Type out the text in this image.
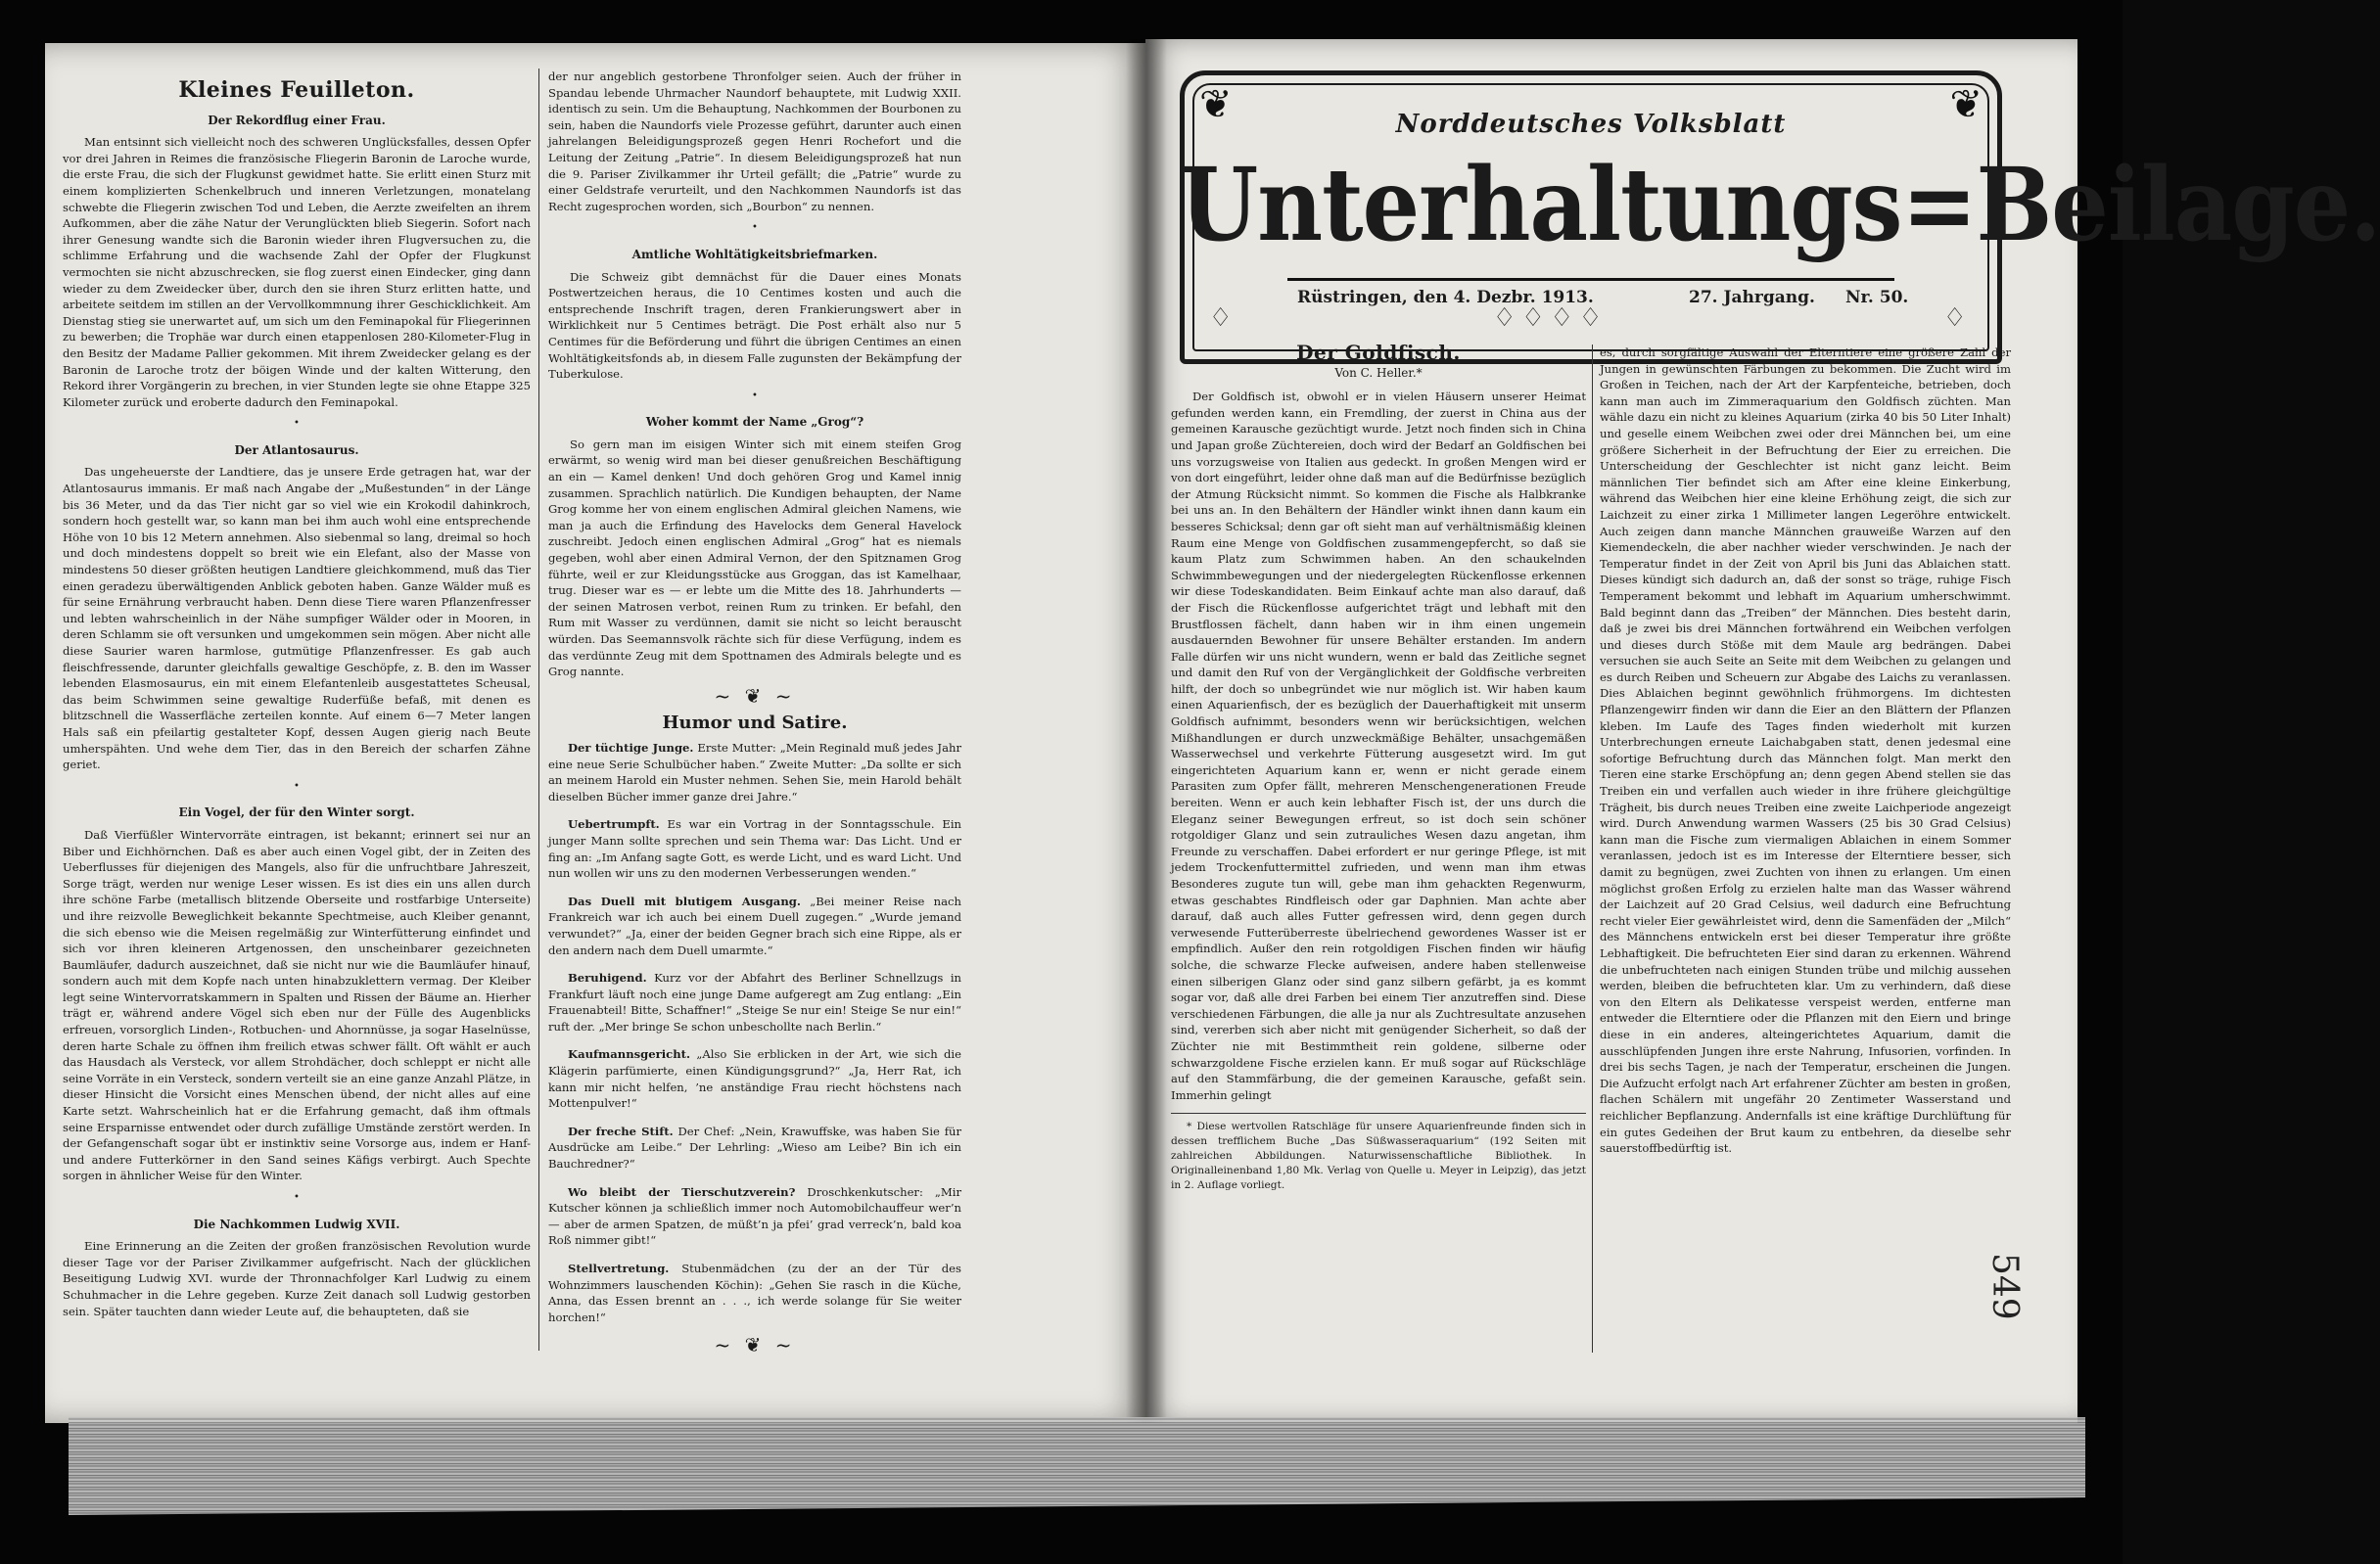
Kleines Feuilleton.
Der Rekordflug einer Frau.

Man entsinnt sich vielleicht noch des schweren Unglücksfalles, dessen Opfer vor drei Jahren in Reimes die französische Fliegerin Baronin de Laroche wurde, die erste Frau, die sich der Flugkunst gewidmet hatte. Sie erlitt einen Sturz mit einem komplizierten Schenkelbruch und inneren Verletzungen, monatelang schwebte die Fliegerin zwischen Tod und Leben, die Aerzte zweifelten an ihrem Aufkommen, aber die zähe Natur der Verunglückten blieb Siegerin. Sofort nach ihrer Genesung wandte sich die Baronin wieder ihren Flugversuchen zu, die schlimme Erfahrung und die wachsende Zahl der Opfer der Flugkunst vermochten sie nicht abzuschrecken, sie flog zuerst einen Eindecker, ging dann wieder zu dem Zweidecker über, durch den sie ihren Sturz erlitten hatte, und arbeitete seitdem im stillen an der Vervollkommnung ihrer Geschicklichkeit. Am Dienstag stieg sie unerwartet auf, um sich um den Feminapokal für Fliegerinnen zu bewerben; die Trophäe war durch einen etappenlosen 280-Kilometer-Flug in den Besitz der Madame Pallier gekommen. Mit ihrem Zweidecker gelang es der Baronin de Laroche trotz der böigen Winde und der kalten Witterung, den Rekord ihrer Vorgängerin zu brechen, in vier Stunden legte sie ohne Etappe 325 Kilometer zurück und eroberte dadurch den Feminapokal.

•
Der Atlantosaurus.

Das ungeheuerste der Landtiere, das je unsere Erde getragen hat, war der Atlantosaurus immanis. Er maß nach Angabe der „Mußestunden“ in der Länge bis 36 Meter, und da das Tier nicht gar so viel wie ein Krokodil dahinkroch, sondern hoch gestellt war, so kann man bei ihm auch wohl eine entsprechende Höhe von 10 bis 12 Metern annehmen. Also siebenmal so lang, dreimal so hoch und doch mindestens doppelt so breit wie ein Elefant, also der Masse von mindestens 50 dieser größten heutigen Landtiere gleichkommend, muß das Tier einen geradezu überwältigenden Anblick geboten haben. Ganze Wälder muß es für seine Ernährung verbraucht haben. Denn diese Tiere waren Pflanzenfresser und lebten wahrscheinlich in der Nähe sumpfiger Wälder oder in Mooren, in deren Schlamm sie oft versunken und umgekommen sein mögen. Aber nicht alle diese Saurier waren harmlose, gutmütige Pflanzenfresser. Es gab auch fleischfressende, darunter gleichfalls gewaltige Geschöpfe, z. B. den im Wasser lebenden Elasmosaurus, ein mit einem Elefantenleib ausgestattetes Scheusal, das beim Schwimmen seine gewaltige Ruderfüße befaß, mit denen es blitzschnell die Wasserfläche zerteilen konnte. Auf einem 6—7 Meter langen Hals saß ein pfeilartig gestalteter Kopf, dessen Augen gierig nach Beute umherspähten. Und wehe dem Tier, das in den Bereich der scharfen Zähne geriet.

•
Ein Vogel, der für den Winter sorgt.

Daß Vierfüßler Wintervorräte eintragen, ist bekannt; erinnert sei nur an Biber und Eichhörnchen. Daß es aber auch einen Vogel gibt, der in Zeiten des Ueberflusses für diejenigen des Mangels, also für die unfruchtbare Jahreszeit, Sorge trägt, werden nur wenige Leser wissen. Es ist dies ein uns allen durch ihre schöne Farbe (metallisch blitzende Oberseite und rostfarbige Unterseite) und ihre reizvolle Beweglichkeit bekannte Spechtmeise, auch Kleiber genannt, die sich ebenso wie die Meisen regelmäßig zur Winterfütterung einfindet und sich vor ihren kleineren Artgenossen, den unscheinbarer gezeichneten Baumläufer, dadurch auszeichnet, daß sie nicht nur wie die Baumläufer hinauf, sondern auch mit dem Kopfe nach unten hinabzuklettern vermag. Der Kleiber legt seine Wintervorratskammern in Spalten und Rissen der Bäume an. Hierher trägt er, während andere Vögel sich eben nur der Fülle des Augenblicks erfreuen, vorsorglich Linden-, Rotbuchen- und Ahornnüsse, ja sogar Haselnüsse, deren harte Schale zu öffnen ihm freilich etwas schwer fällt. Oft wählt er auch das Hausdach als Versteck, vor allem Strohdächer, doch schleppt er nicht alle seine Vorräte in ein Versteck, sondern verteilt sie an eine ganze Anzahl Plätze, in dieser Hinsicht die Vorsicht eines Menschen übend, der nicht alles auf eine Karte setzt. Wahrscheinlich hat er die Erfahrung gemacht, daß ihm oftmals seine Ersparnisse entwendet oder durch zufällige Umstände zerstört werden. In der Gefangenschaft sogar übt er instinktiv seine Vorsorge aus, indem er Hanf- und andere Futterkörner in den Sand seines Käfigs verbirgt. Auch Spechte sorgen in ähnlicher Weise für den Winter.

•
Die Nachkommen Ludwig XVII.

Eine Erinnerung an die Zeiten der großen französischen Revolution wurde dieser Tage vor der Pariser Zivilkammer aufgefrischt. Nach der glücklichen Beseitigung Ludwig XVI. wurde der Thronnachfolger Karl Ludwig zu einem Schuhmacher in die Lehre gegeben. Kurze Zeit danach soll Ludwig gestorben sein. Später tauchten dann wieder Leute auf, die behaupteten, daß sie

der nur angeblich gestorbene Thronfolger seien. Auch der früher in Spandau lebende Uhrmacher Naundorf behauptete, mit Ludwig XXII. identisch zu sein. Um die Behauptung, Nachkommen der Bourbonen zu sein, haben die Naundorfs viele Prozesse geführt, darunter auch einen jahrelangen Beleidigungsprozeß gegen Henri Rochefort und die Leitung der Zeitung „Patrie“. In diesem Beleidigungsprozeß hat nun die 9. Pariser Zivilkammer ihr Urteil gefällt; die „Patrie“ wurde zu einer Geldstrafe verurteilt, und den Nachkommen Naundorfs ist das Recht zugesprochen worden, sich „Bourbon“ zu nennen.

•
Amtliche Wohltätigkeitsbriefmarken.

Die Schweiz gibt demnächst für die Dauer eines Monats Postwertzeichen heraus, die 10 Centimes kosten und auch die entsprechende Inschrift tragen, deren Frankierungswert aber in Wirklichkeit nur 5 Centimes beträgt. Die Post erhält also nur 5 Centimes für die Beförderung und führt die übrigen Centimes an einen Wohltätigkeitsfonds ab, in diesem Falle zugunsten der Bekämpfung der Tuberkulose.

•
Woher kommt der Name „Grog“?

So gern man im eisigen Winter sich mit einem steifen Grog erwärmt, so wenig wird man bei dieser genußreichen Beschäftigung an ein — Kamel denken! Und doch gehören Grog und Kamel innig zusammen. Sprachlich natürlich. Die Kundigen behaupten, der Name Grog komme her von einem englischen Admiral gleichen Namens, wie man ja auch die Erfindung des Havelocks dem General Havelock zuschreibt. Jedoch einen englischen Admiral „Grog“ hat es niemals gegeben, wohl aber einen Admiral Vernon, der den Spitznamen Grog führte, weil er zur Kleidungsstücke aus Groggan, das ist Kamelhaar, trug. Dieser war es — er lebte um die Mitte des 18. Jahrhunderts — der seinen Matrosen verbot, reinen Rum zu trinken. Er befahl, den Rum mit Wasser zu verdünnen, damit sie nicht so leicht berauscht würden. Das Seemannsvolk rächte sich für diese Verfügung, indem es das verdünnte Zeug mit dem Spottnamen des Admirals belegte und es Grog nannte.

~ ❦ ~
Humor und Satire.

Der tüchtige Junge. Erste Mutter: „Mein Reginald muß jedes Jahr eine neue Serie Schulbücher haben.“ Zweite Mutter: „Da sollte er sich an meinem Harold ein Muster nehmen. Sehen Sie, mein Harold behält dieselben Bücher immer ganze drei Jahre.“

Uebertrumpft. Es war ein Vortrag in der Sonntagsschule. Ein junger Mann sollte sprechen und sein Thema war: Das Licht. Und er fing an: „Im Anfang sagte Gott, es werde Licht, und es ward Licht. Und nun wollen wir uns zu den modernen Verbesserungen wenden.“

Das Duell mit blutigem Ausgang. „Bei meiner Reise nach Frankreich war ich auch bei einem Duell zugegen.“ „Wurde jemand verwundet?“ „Ja, einer der beiden Gegner brach sich eine Rippe, als er den andern nach dem Duell umarmte.“

Beruhigend. Kurz vor der Abfahrt des Berliner Schnellzugs in Frankfurt läuft noch eine junge Dame aufgeregt am Zug entlang: „Ein Frauenabteil! Bitte, Schaffner!“ „Steige Se nur ein! Steige Se nur ein!“ ruft der. „Mer bringe Se schon unbeschollte nach Berlin.“

Kaufmannsgericht. „Also Sie erblicken in der Art, wie sich die Klägerin parfümierte, einen Kündigungsgrund?“ „Ja, Herr Rat, ich kann mir nicht helfen, ’ne anständige Frau riecht höchstens nach Mottenpulver!“

Der freche Stift. Der Chef: „Nein, Krawuffske, was haben Sie für Ausdrücke am Leibe.“ Der Lehrling: „Wieso am Leibe? Bin ich ein Bauchredner?“

Wo bleibt der Tierschutzverein? Droschkenkutscher: „Mir Kutscher können ja schließlich immer noch Automobilchauffeur wer’n — aber de armen Spatzen, de müßt’n ja pfei’ grad verreck’n, bald koa Roß nimmer gibt!“

Stellvertretung. Stubenmädchen (zu der an der Tür des Wohnzimmers lauschenden Köchin): „Gehen Sie rasch in die Küche, Anna, das Essen brennt an . . ., ich werde solange für Sie weiter horchen!“

~ ❦ ~
❦	❦
Norddeutsches Volksblatt
Unterhaltungs=Beilage.
Rüstringen, den 4. Dezbr. 1913.	27. Jahrgang. Nr. 50.
♢	♢♢♢♢	♢
Der Goldfisch.
Von C. Heller.*

Der Goldfisch ist, obwohl er in vielen Häusern unserer Heimat gefunden werden kann, ein Fremdling, der zuerst in China aus der gemeinen Karausche gezüchtigt wurde. Jetzt noch finden sich in China und Japan große Züchtereien, doch wird der Bedarf an Goldfischen bei uns vorzugsweise von Italien aus gedeckt. In großen Mengen wird er von dort eingeführt, leider ohne daß man auf die Bedürfnisse bezüglich der Atmung Rücksicht nimmt. So kommen die Fische als Halbkranke bei uns an. In den Behältern der Händler winkt ihnen dann kaum ein besseres Schicksal; denn gar oft sieht man auf verhältnismäßig kleinen Raum eine Menge von Goldfischen zusammengepfercht, so daß sie kaum Platz zum Schwimmen haben. An den schaukelnden Schwimmbewegungen und der niedergelegten Rückenflosse erkennen wir diese Todeskandidaten. Beim Einkauf achte man also darauf, daß der Fisch die Rückenflosse aufgerichtet trägt und lebhaft mit den Brustflossen fächelt, dann haben wir in ihm einen ungemein ausdauernden Bewohner für unsere Behälter erstanden. Im andern Falle dürfen wir uns nicht wundern, wenn er bald das Zeitliche segnet und damit den Ruf von der Vergänglichkeit der Goldfische verbreiten hilft, der doch so unbegründet wie nur möglich ist. Wir haben kaum einen Aquarienfisch, der es bezüglich der Dauerhaftigkeit mit unserm Goldfisch aufnimmt, besonders wenn wir berücksichtigen, welchen Mißhandlungen er durch unzweckmäßige Behälter, unsachgemäßen Wasserwechsel und verkehrte Fütterung ausgesetzt wird. Im gut eingerichteten Aquarium kann er, wenn er nicht gerade einem Parasiten zum Opfer fällt, mehreren Menschengenerationen Freude bereiten. Wenn er auch kein lebhafter Fisch ist, der uns durch die Eleganz seiner Bewegungen erfreut, so ist doch sein schöner rotgoldiger Glanz und sein zutrauliches Wesen dazu angetan, ihm Freunde zu verschaffen. Dabei erfordert er nur geringe Pflege, ist mit jedem Trockenfuttermittel zufrieden, und wenn man ihm etwas Besonderes zugute tun will, gebe man ihm gehackten Regenwurm, etwas geschabtes Rindfleisch oder gar Daphnien. Man achte aber darauf, daß auch alles Futter gefressen wird, denn gegen durch verwesende Futterüberreste übelriechend gewordenes Wasser ist er empfindlich. Außer den rein rotgoldigen Fischen finden wir häufig solche, die schwarze Flecke aufweisen, andere haben stellenweise einen silberigen Glanz oder sind ganz silbern gefärbt, ja es kommt sogar vor, daß alle drei Farben bei einem Tier anzutreffen sind. Diese verschiedenen Färbungen, die alle ja nur als Zuchtresultate anzusehen sind, vererben sich aber nicht mit genügender Sicherheit, so daß der Züchter nie mit Bestimmtheit rein goldene, silberne oder schwarzgoldene Fische erzielen kann. Er muß sogar auf Rückschläge auf den Stammfärbung, die der gemeinen Karausche, gefaßt sein. Immerhin gelingt

* Diese wertvollen Ratschläge für unsere Aquarienfreunde finden sich in dessen trefflichem Buche „Das Süßwasseraquarium“ (192 Seiten mit zahlreichen Abbildungen. Naturwissenschaftliche Bibliothek. In Originalleinenband 1,80 Mk. Verlag von Quelle u. Meyer in Leipzig), das jetzt in 2. Auflage vorliegt.

es, durch sorgfältige Auswahl der Elterntiere eine größere Zahl der Jungen in gewünschten Färbungen zu bekommen. Die Zucht wird im Großen in Teichen, nach der Art der Karpfenteiche, betrieben, doch kann man auch im Zimmeraquarium den Goldfisch züchten. Man wähle dazu ein nicht zu kleines Aquarium (zirka 40 bis 50 Liter Inhalt) und geselle einem Weibchen zwei oder drei Männchen bei, um eine größere Sicherheit in der Befruchtung der Eier zu erreichen. Die Unterscheidung der Geschlechter ist nicht ganz leicht. Beim männlichen Tier befindet sich am After eine kleine Einkerbung, während das Weibchen hier eine kleine Erhöhung zeigt, die sich zur Laichzeit zu einer zirka 1 Millimeter langen Legeröhre entwickelt. Auch zeigen dann manche Männchen grauweiße Warzen auf den Kiemendeckeln, die aber nachher wieder verschwinden. Je nach der Temperatur findet in der Zeit von April bis Juni das Ablaichen statt. Dieses kündigt sich dadurch an, daß der sonst so träge, ruhige Fisch Temperament bekommt und lebhaft im Aquarium umherschwimmt. Bald beginnt dann das „Treiben“ der Männchen. Dies besteht darin, daß je zwei bis drei Männchen fortwährend ein Weibchen verfolgen und dieses durch Stöße mit dem Maule arg bedrängen. Dabei versuchen sie auch Seite an Seite mit dem Weibchen zu gelangen und es durch Reiben und Scheuern zur Abgabe des Laichs zu veranlassen. Dies Ablaichen beginnt gewöhnlich frühmorgens. Im dichtesten Pflanzengewirr finden wir dann die Eier an den Blättern der Pflanzen kleben. Im Laufe des Tages finden wiederholt mit kurzen Unterbrechungen erneute Laichabgaben statt, denen jedesmal eine sofortige Befruchtung durch das Männchen folgt. Man merkt den Tieren eine starke Erschöpfung an; denn gegen Abend stellen sie das Treiben ein und verfallen auch wieder in ihre frühere gleichgültige Trägheit, bis durch neues Treiben eine zweite Laichperiode angezeigt wird. Durch Anwendung warmen Wassers (25 bis 30 Grad Celsius) kann man die Fische zum viermaligen Ablaichen in einem Sommer veranlassen, jedoch ist es im Interesse der Elterntiere besser, sich damit zu begnügen, zwei Zuchten von ihnen zu erlangen. Um einen möglichst großen Erfolg zu erzielen halte man das Wasser während der Laichzeit auf 20 Grad Celsius, weil dadurch eine Befruchtung recht vieler Eier gewährleistet wird, denn die Samenfäden der „Milch“ des Männchens entwickeln erst bei dieser Temperatur ihre größte Lebhaftigkeit. Die befruchteten Eier sind daran zu erkennen. Während die unbefruchteten nach einigen Stunden trübe und milchig aussehen werden, bleiben die befruchteten klar. Um zu verhindern, daß diese von den Eltern als Delikatesse verspeist werden, entferne man entweder die Elterntiere oder die Pflanzen mit den Eiern und bringe diese in ein anderes, alteingerichtetes Aquarium, damit die ausschlüpfenden Jungen ihre erste Nahrung, Infusorien, vorfinden. In drei bis sechs Tagen, je nach der Temperatur, erscheinen die Jungen. Die Aufzucht erfolgt nach Art erfahrener Züchter am besten in großen, flachen Schälern mit ungefähr 20 Zentimeter Wasserstand und reichlicher Bepflanzung. Andernfalls ist eine kräftige Durchlüftung für ein gutes Gedeihen der Brut kaum zu entbehren, da dieselbe sehr sauerstoffbedürftig ist.

549
